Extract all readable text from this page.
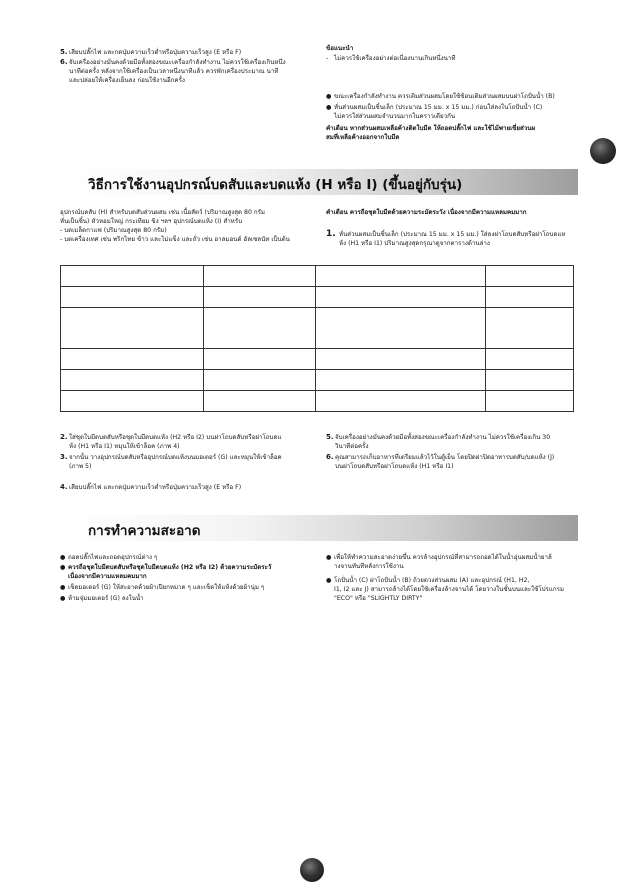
5. เสียบปลั๊กไฟ และกดปุ่มความเร็วต่ำหรือปุ่มความเร็วสูง (E หรือ F)
6. จับเครื่องอย่างมั่นคงด้วยมือทั้งสองขณะเครื่องกำลังทำงาน ไม่ควรใช้เครื่องเกินหนึ่ง
นาทีต่อครั้ง หลังจากใช้เครื่องเป็นเวลาหนึ่งนาทีแล้ว ควรพักเครื่องประมาณ นาที
และปล่อยให้เครื่องเย็นลง ก่อนใช้งานอีกครั้ง
ข้อแนะนำ
- ไม่ควรใช้เครื่องอย่างต่อเนื่องนานเกินหนึ่งนาที
● ขณะเครื่องกำลังทำงาน ควรเติมส่วนผสมโดยใช้ช้อนเติมส่วนผสมบนฝาโถปั่นน้ำ (B)
● หั่นส่วนผสมเป็นชิ้นเล็ก (ประมาณ 15 มม. x 15 มม.) ก่อนใส่ลงในโถปั่นน้ำ (C)
ไม่ควรใส่ส่วนผสมจำนวนมากในคราวเดียวกัน
คำเตือน หากส่วนผสมเหลือค้างติดใบมีด ให้ถอดปลั๊กไฟ และใช้ไม้พายเขี่ยส่วนผ
สมที่เหลือค้างออกจากใบมีด
วิธีการใช้งานอุปกรณ์บดสับและบดแห้ง (H หรือ I) (ขึ้นอยู่กับรุ่น)
อุปกรณ์บดสับ (H) สำหรับบดสับส่วนผสม เช่น เนื้อสัตว์ (ปริมาณสูงสุด 80 กรัม
หั่นเป็นชิ้น) หัวหอมใหญ่ กระเทียม ขิง ฯลฯ อุปกรณ์บดแห้ง (I) สำหรับ
- บดเมล็ดกาแฟ (ปริมาณสูงสุด 80 กรัม)
- บดเครื่องเทศ เช่น พริกไทย ข้าว และไม่แข็ง และถั่ว เช่น อาลมอนด์ ฮัลเซลนัท เป็นต้น
คำเตือน ควรถือชุดใบมีดด้วยความระมัดระวัง เนื่องจากมีความแหลมคมมาก
1. หั่นส่วนผสมเป็นชิ้นเล็ก (ประมาณ 15 มม. x 15 มม.) ใส่ลงฝาโถบดสับหรือฝาโถบดแห
ห้ง (H1 หรือ I1) ปริมาณสูงสุดกรุณาดูจากตารางด้านล่าง

2. ใส่ชุดใบมีดบดสับหรือชุดใบมีดบดแห้ง (H2 หรือ I2) บนฝาโถบดสับหรือฝาโถบดแ
ห้ง (H1 หรือ I1) หมุนให้เข้าล็อค (ภาพ 4)
3. จากนั้น วางอุปกรณ์บดสับหรืออุปกรณ์บดแห้งบนมอเตอร์ (G) และหมุนให้เข้าล็อค
(ภาพ 5)
4. เสียบปลั๊กไฟ และกดปุ่มความเร็วต่ำหรือปุ่มความเร็วสูง (E หรือ F)
5. จับเครื่องอย่างมั่นคงด้วยมือทั้งสองขณะเครื่องกำลังทำงาน ไม่ควรใช้เครื่องเกิน 30
วินาทีต่อครั้ง
6. คุณสามารถเก็บอาหารที่เตรียมแล้วไว้ในตู้เย็น โดยปิดฝาปิดอาหารบดสับ/บดแห้ง (J)
บนฝาโถบดสับหรือฝาโถบดแห้ง (H1 หรือ I1)
การทำความสะอาด
● ถอดปลั๊กไฟและถอดอุปกรณ์ต่าง ๆ
● ควรถือชุดใบมีดบดสับหรือชุดใบมีดบดแห้ง (H2 หรือ I2) ด้วยความระมัดระวั
เนื่องจากมีความแหลมคมมาก
● เช็ดมอเตอร์ (G) ให้สะอาดด้วยผ้าเปียกหมาด ๆ และเช็ดให้แห้งด้วยผ้านุ่ม ๆ
● ห้ามจุ่มมอเตอร์ (G) ลงในน้ำ
● เพื่อให้ทำความสะอาดง่ายขึ้น ควรล้างอุปกรณ์ที่สามารถถอดได้ในน้ำอุ่นผสมน้ำยาล้
างจานทันทีหลังการใช้งาน
● โถปั่นน้ำ (C) ฝาโถปั่นน้ำ (B) ถ้วยตวงส่วนผสม (A) และอุปกรณ์ (H1, H2,
I1, I2 และ J) สามารถล้างได้โดยใช้เครื่องล้างจานได้ โดยวางในชั้นบนและใช้โปรแกรม
"ECO" หรือ "SLIGHTLY DIRTY"
